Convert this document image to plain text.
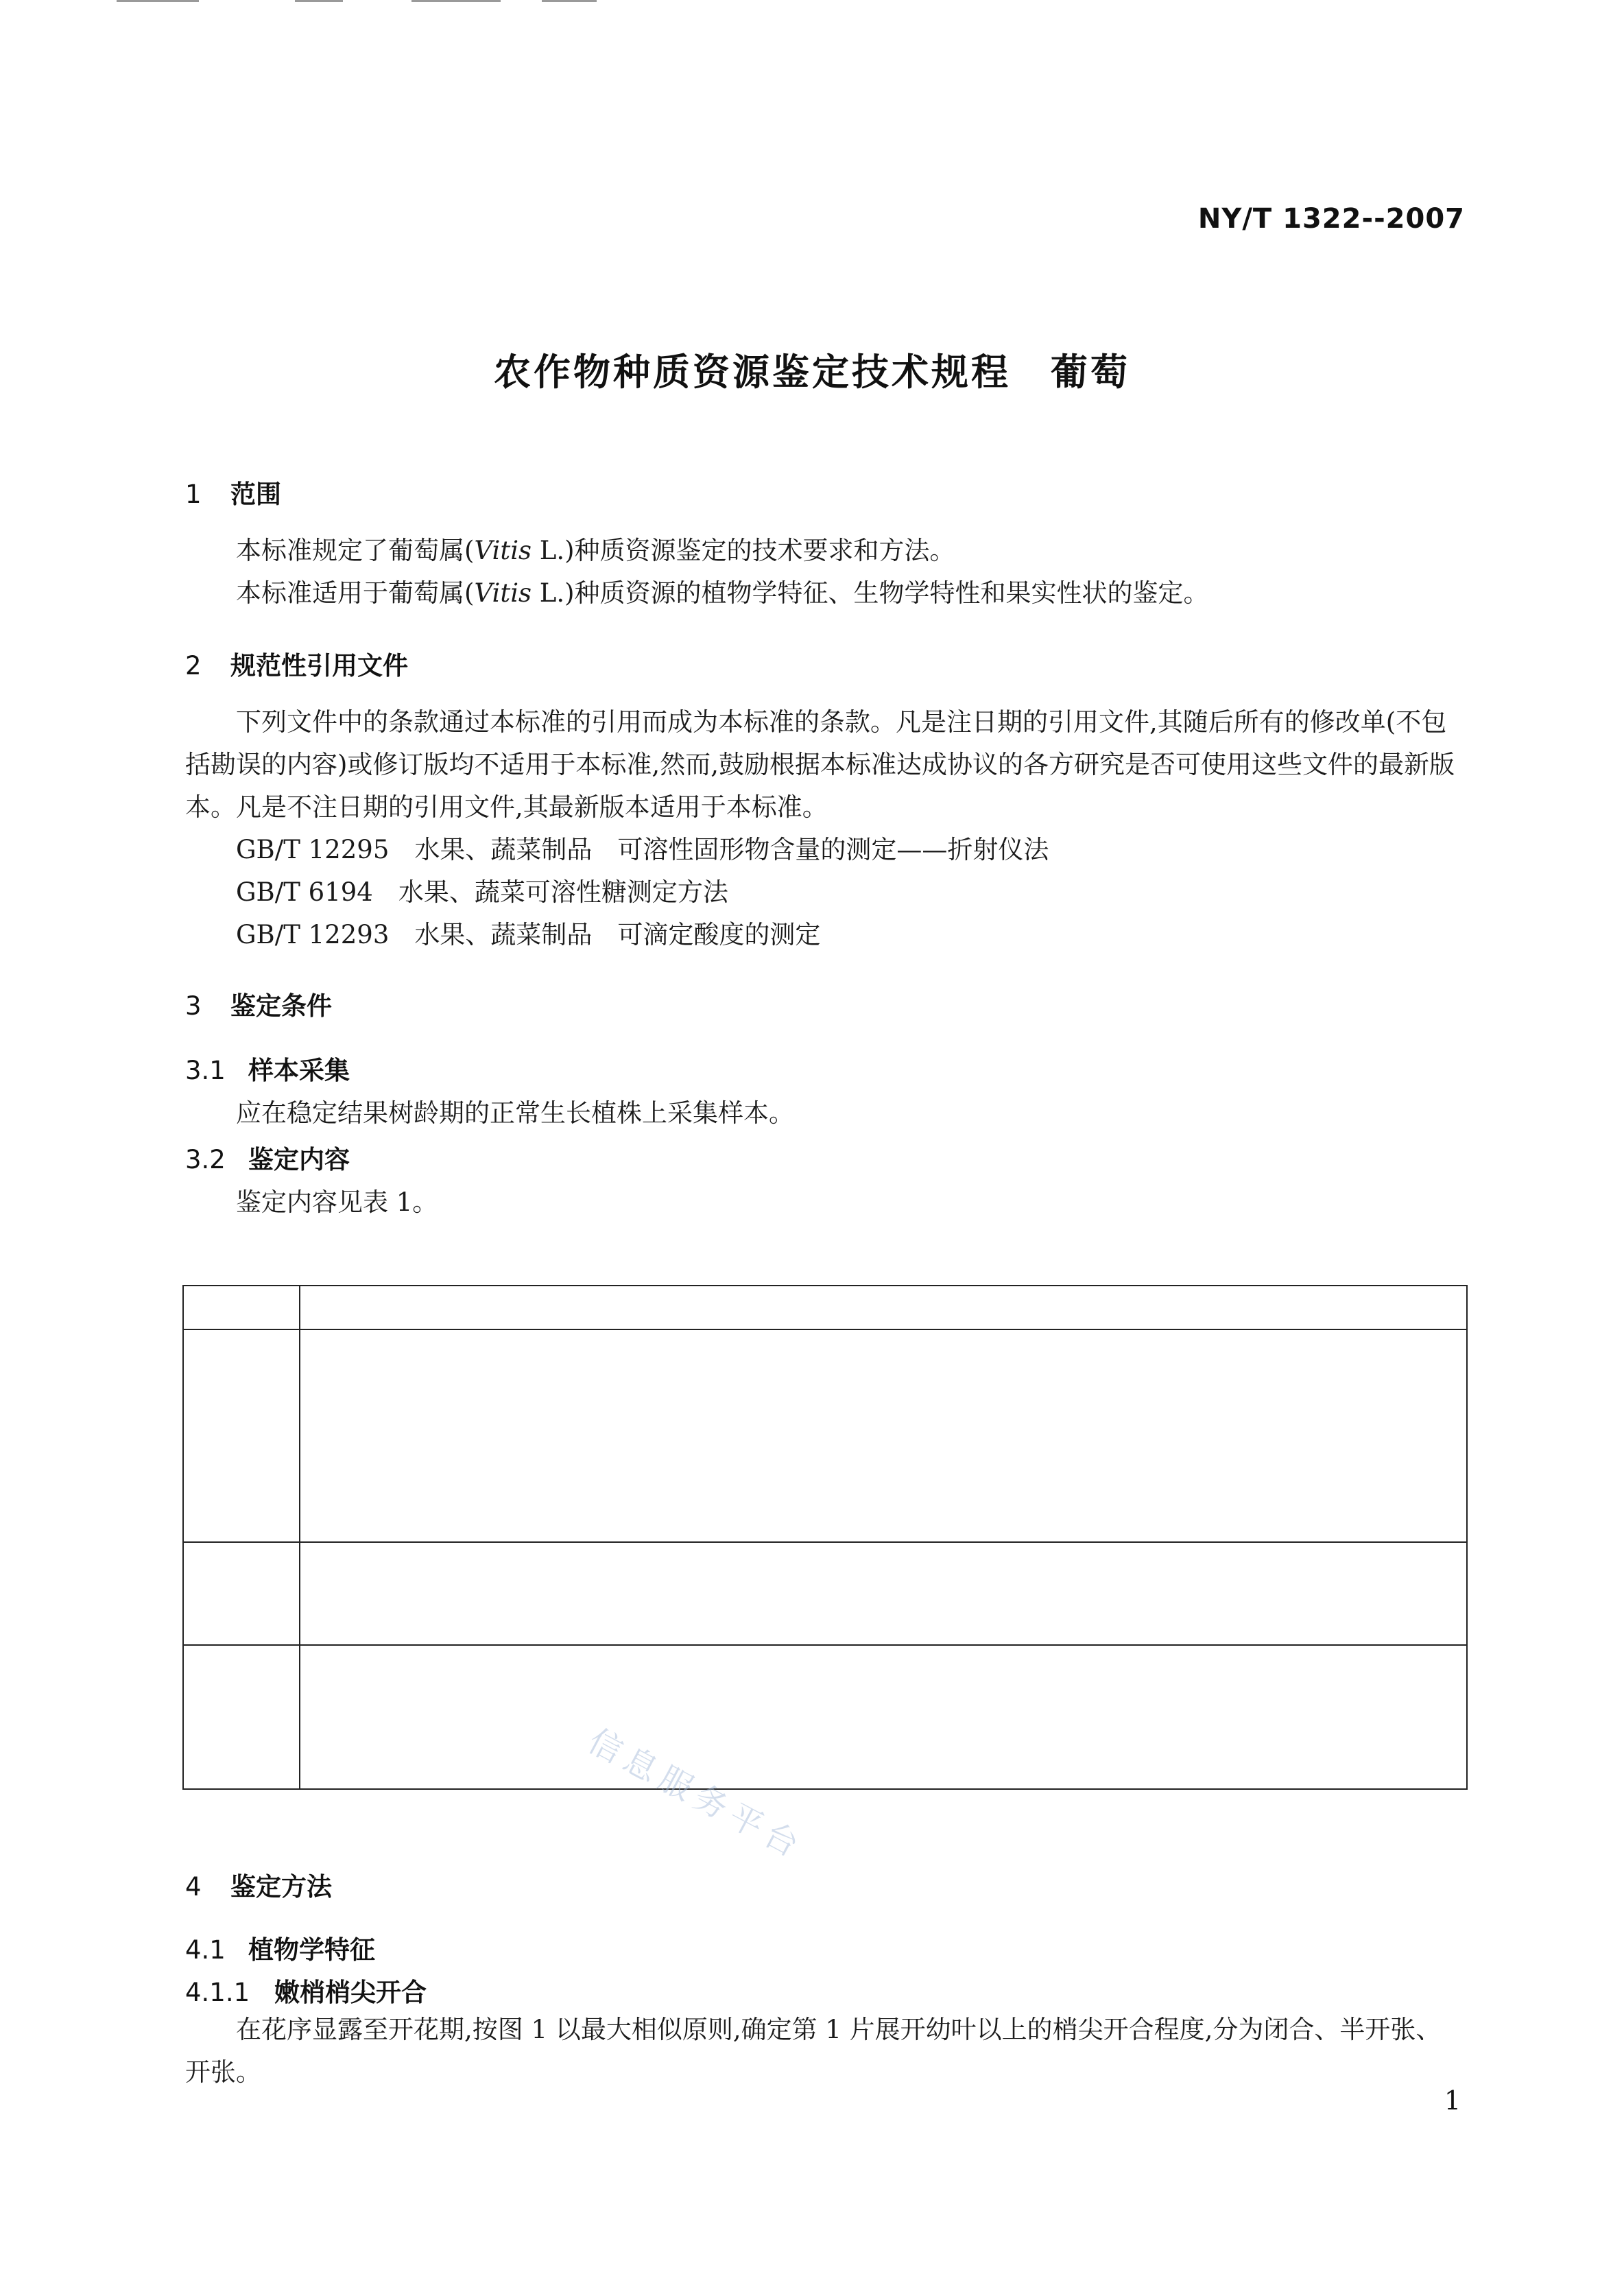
NY/T 1322--2007
农作物种质资源鉴定技术规程　葡萄
1 范围
本标准规定了葡萄属(Vitis L.)种质资源鉴定的技术要求和方法。
本标准适用于葡萄属(Vitis L.)种质资源的植物学特征、生物学特性和果实性状的鉴定。
2 规范性引用文件
下列文件中的条款通过本标准的引用而成为本标准的条款。凡是注日期的引用文件,其随后所有的修改单(不包括勘误的内容)或修订版均不适用于本标准,然而,鼓励根据本标准达成协议的各方研究是否可使用这些文件的最新版本。凡是不注日期的引用文件,其最新版本适用于本标准。
GB/T 12295　水果、蔬菜制品　可溶性固形物含量的测定——折射仪法
GB/T 6194　水果、蔬菜可溶性糖测定方法
GB/T 12293　水果、蔬菜制品　可滴定酸度的测定
3 鉴定条件
3.1 样本采集
应在稳定结果树龄期的正常生长植株上采集样本。
3.2 鉴定内容
鉴定内容见表 1。

4 鉴定方法
4.1 植物学特征
4.1.1 嫩梢梢尖开合
在花序显露至开花期,按图 1 以最大相似原则,确定第 1 片展开幼叶以上的梢尖开合程度,分为闭合、半开张、开张。
信息服务平台
1
